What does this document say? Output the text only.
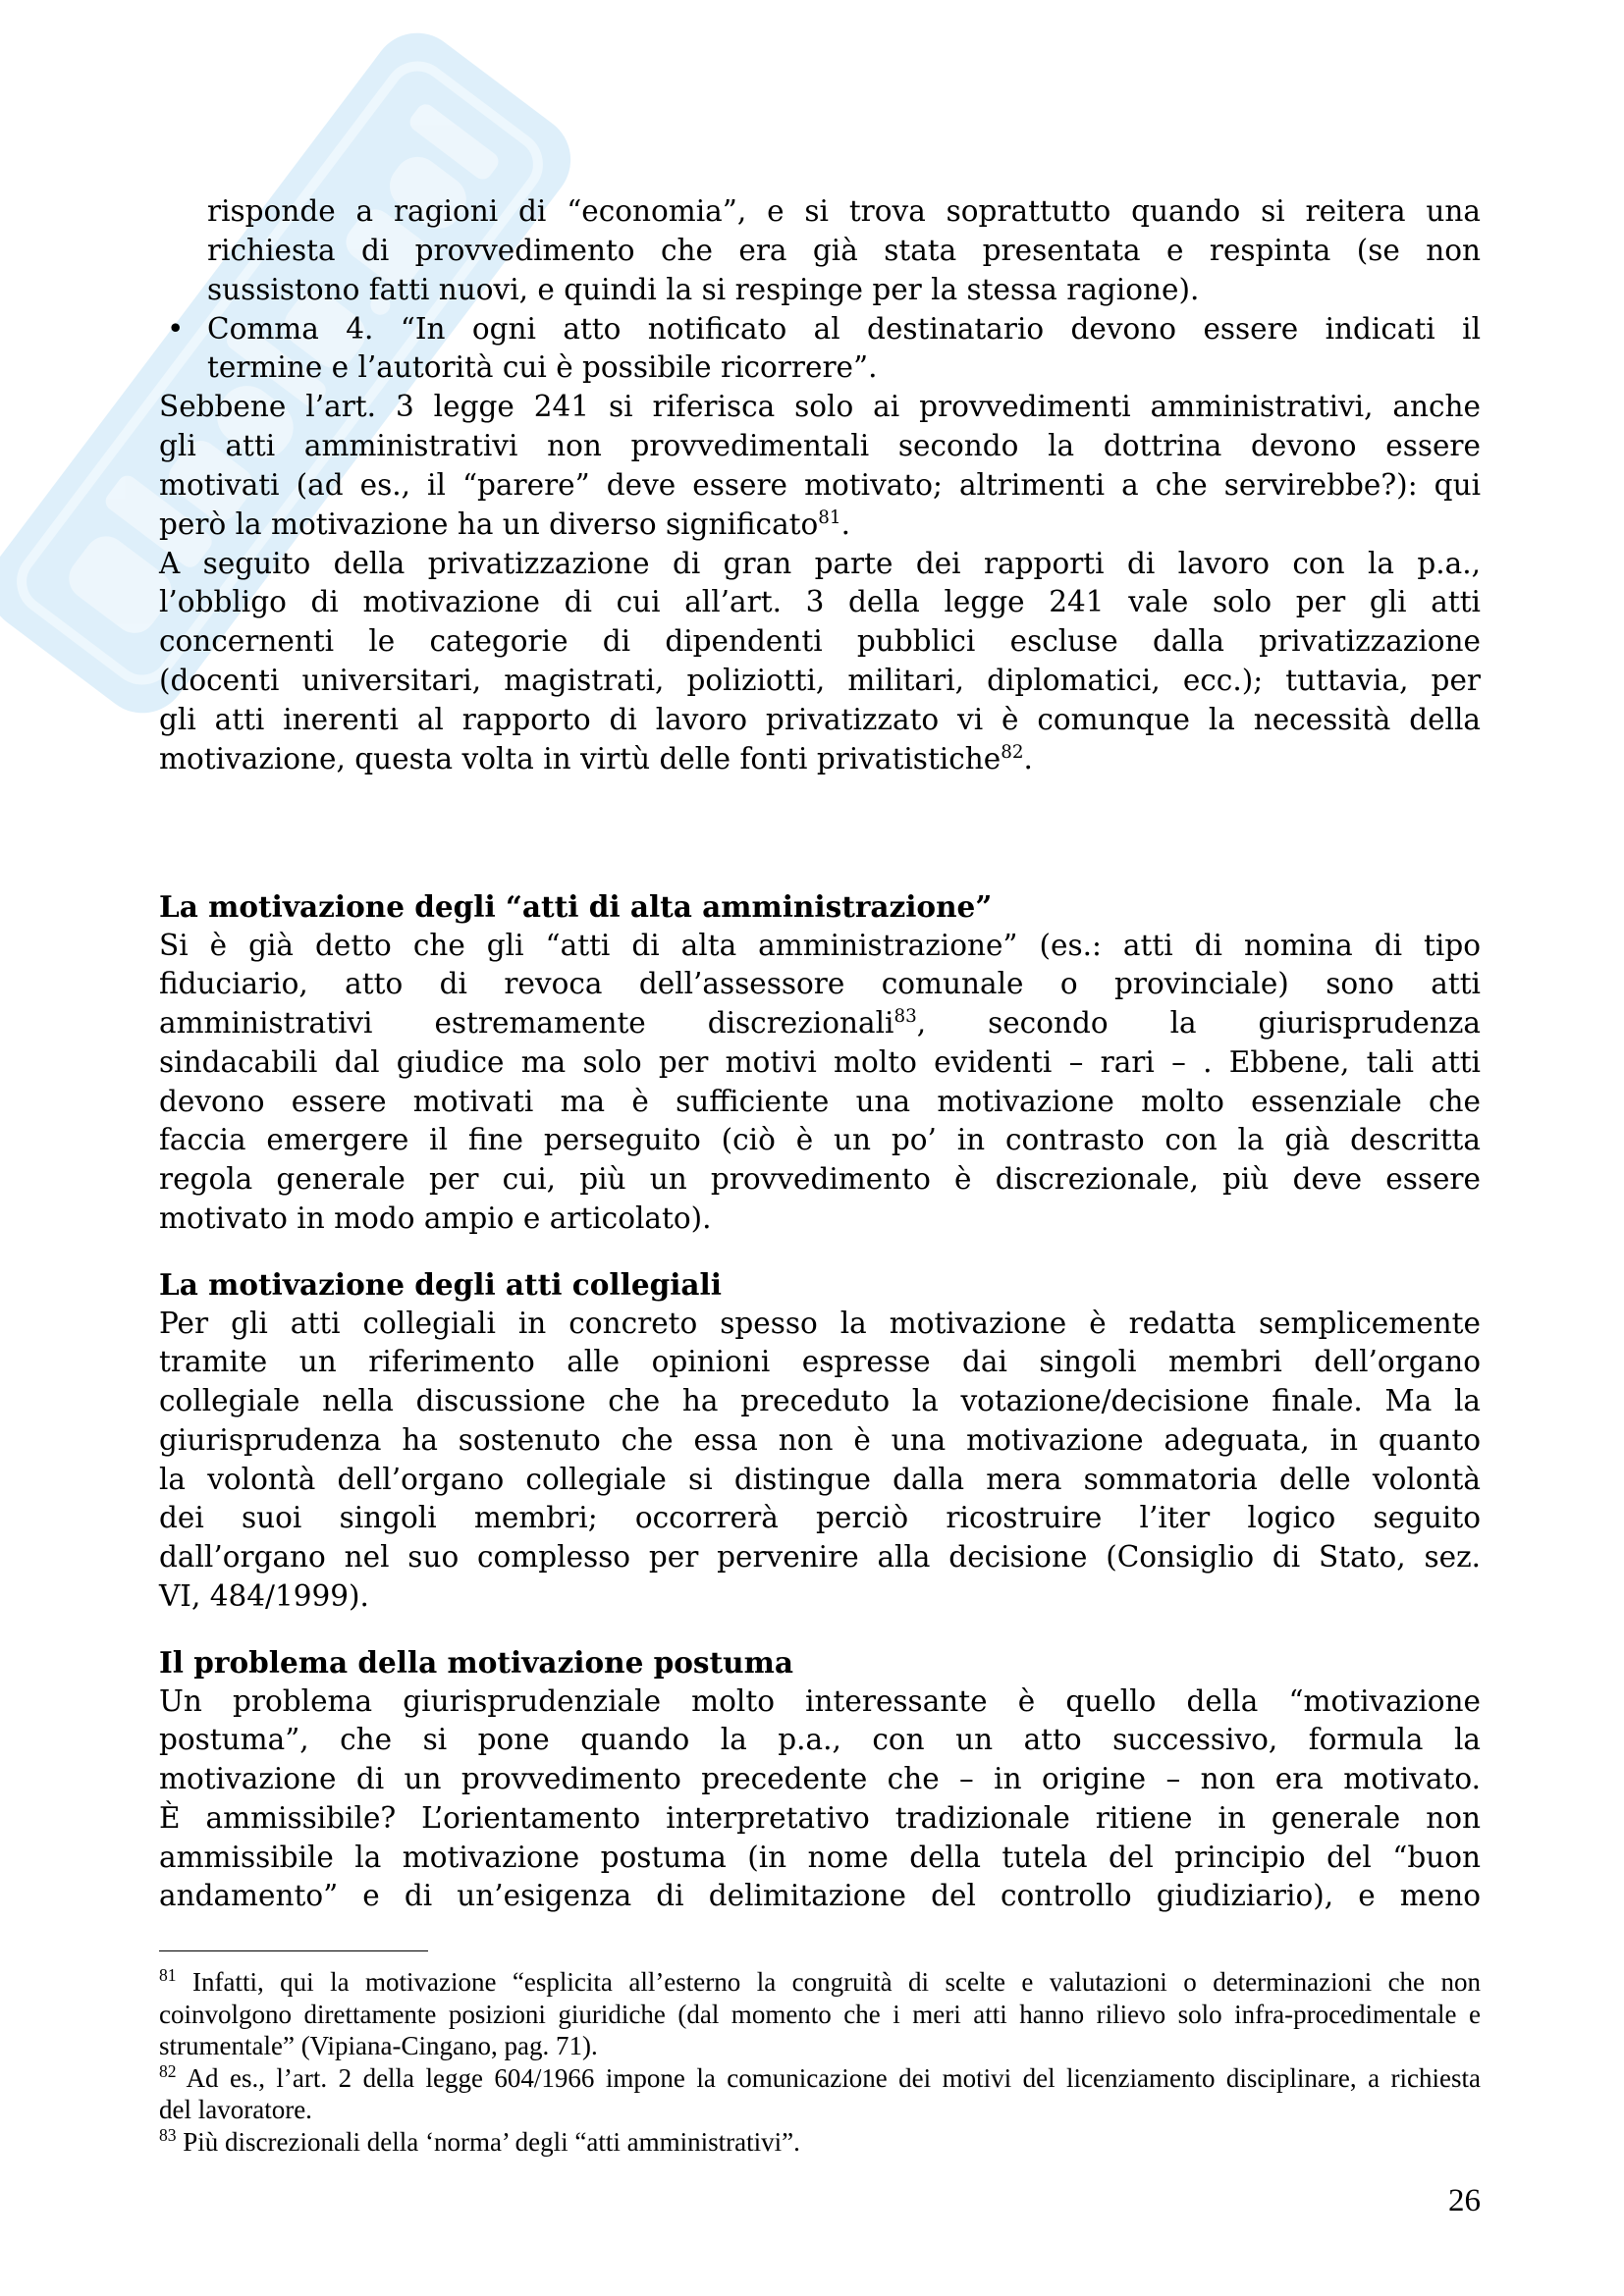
risponde a ragioni di “economia”, e si trova soprattutto quando si reitera una
richiesta di provvedimento che era già stata presentata e respinta (se non
sussistono fatti nuovi, e quindi la si respinge per la stessa ragione).
• Comma 4. “In ogni atto notificato al destinatario devono essere indicati il
termine e l’autorità cui è possibile ricorrere”.
Sebbene l’art. 3 legge 241 si riferisca solo ai provvedimenti amministrativi, anche
gli atti amministrativi non provvedimentali secondo la dottrina devono essere
motivati (ad es., il “parere” deve essere motivato; altrimenti a che servirebbe?): qui
però la motivazione ha un diverso significato$^{81}$.
A seguito della privatizzazione di gran parte dei rapporti di lavoro con la p.a.,
l’obbligo di motivazione di cui all’art. 3 della legge 241 vale solo per gli atti
concernenti le categorie di dipendenti pubblici escluse dalla privatizzazione
(docenti universitari, magistrati, poliziotti, militari, diplomatici, ecc.); tuttavia, per
gli atti inerenti al rapporto di lavoro privatizzato vi è comunque la necessità della
motivazione, questa volta in virtù delle fonti privatistiche$^{82}$.
La motivazione degli “atti di alta amministrazione”
Si è già detto che gli “atti di alta amministrazione” (es.: atti di nomina di tipo
fiduciario, atto di revoca dell’assessore comunale o provinciale) sono atti
amministrativi estremamente discrezionali$^{83}$, secondo la giurisprudenza
sindacabili dal giudice ma solo per motivi molto evidenti – rari – . Ebbene, tali atti
devono essere motivati ma è sufficiente una motivazione molto essenziale che
faccia emergere il fine perseguito (ciò è un po’ in contrasto con la già descritta
regola generale per cui, più un provvedimento è discrezionale, più deve essere
motivato in modo ampio e articolato).
La motivazione degli atti collegiali
Per gli atti collegiali in concreto spesso la motivazione è redatta semplicemente
tramite un riferimento alle opinioni espresse dai singoli membri dell’organo
collegiale nella discussione che ha preceduto la votazione/decisione finale. Ma la
giurisprudenza ha sostenuto che essa non è una motivazione adeguata, in quanto
la volontà dell’organo collegiale si distingue dalla mera sommatoria delle volontà
dei suoi singoli membri; occorrerà perciò ricostruire l’iter logico seguito
dall’organo nel suo complesso per pervenire alla decisione (Consiglio di Stato, sez.
VI, 484/1999).
Il problema della motivazione postuma
Un problema giurisprudenziale molto interessante è quello della “motivazione
postuma”, che si pone quando la p.a., con un atto successivo, formula la
motivazione di un provvedimento precedente che – in origine – non era motivato.
È ammissibile? L’orientamento interpretativo tradizionale ritiene in generale non
ammissibile la motivazione postuma (in nome della tutela del principio del “buon
andamento” e di un’esigenza di delimitazione del controllo giudiziario), e meno
$^{81}$ Infatti, qui la motivazione “esplicita all’esterno la congruità di scelte e valutazioni o determinazioni che non
coinvolgono direttamente posizioni giuridiche (dal momento che i meri atti hanno rilievo solo infra-procedimentale e
strumentale” (Vipiana-Cingano, pag. 71).
$^{82}$ Ad es., l’art. 2 della legge 604/1966 impone la comunicazione dei motivi del licenziamento disciplinare, a richiesta
del lavoratore.
$^{83}$ Più discrezionali della ‘norma’ degli “atti amministrativi”.
26
